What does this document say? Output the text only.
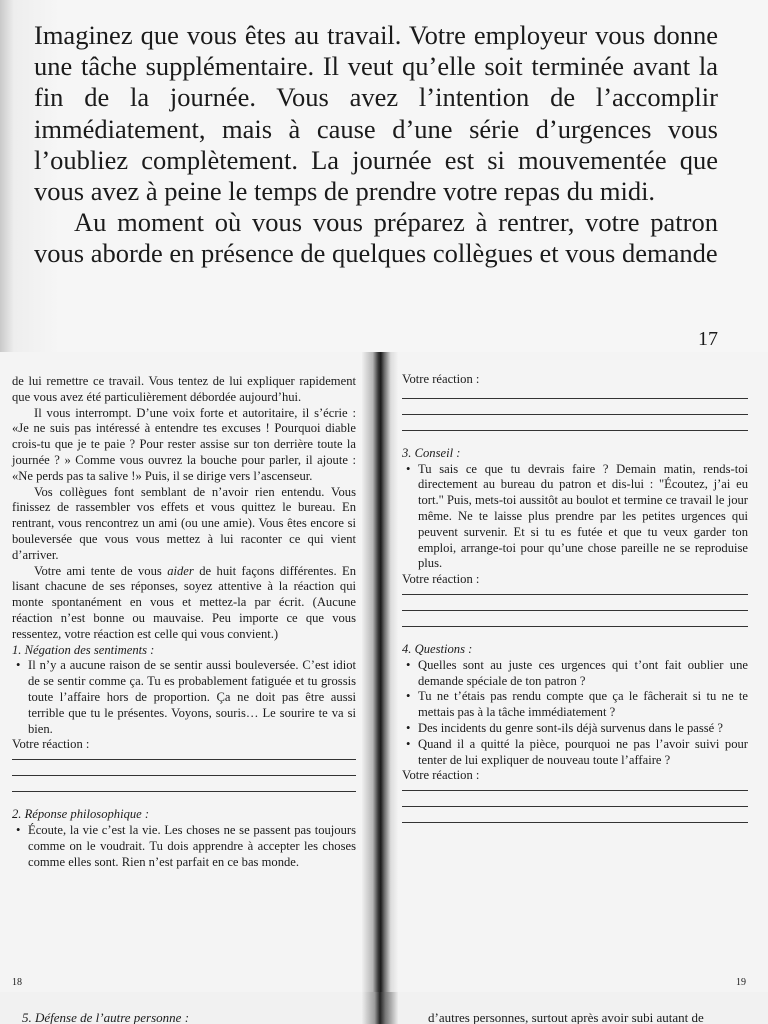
Imaginez que vous êtes au travail. Votre employeur vous donne une tâche supplémentaire. Il veut qu’elle soit terminée avant la fin de la journée. Vous avez l’intention de l’accomplir immédiatement, mais à cause d’une série d’urgences vous l’oubliez complètement. La journée est si mouvementée que vous avez à peine le temps de prendre votre repas du midi.

Au moment où vous vous préparez à rentrer, votre patron vous aborde en présence de quelques collègues et vous demande

17

de lui remettre ce travail. Vous tentez de lui expliquer rapidement que vous avez été particulièrement débordée aujourd’hui.

Il vous interrompt. D’une voix forte et autoritaire, il s’écrie : «Je ne suis pas intéressé à entendre tes excuses ! Pourquoi diable crois-tu que je te paie ? Pour rester assise sur ton derrière toute la journée ? » Comme vous ouvrez la bouche pour parler, il ajoute : «Ne perds pas ta salive !» Puis, il se dirige vers l’ascenseur.

Vos collègues font semblant de n’avoir rien entendu. Vous finissez de rassembler vos effets et vous quittez le bureau. En rentrant, vous rencontrez un ami (ou une amie). Vous êtes encore si bouleversée que vous vous mettez à lui raconter ce qui vient d’arriver.

Votre ami tente de vous aider de huit façons différentes. En lisant chacune de ses réponses, soyez attentive à la réaction qui monte spontanément en vous et mettez-la par écrit. (Aucune réaction n’est bonne ou mauvaise. Peu importe ce que vous ressentez, votre réaction est celle qui vous convient.)

1. Négation des sentiments :

• Il n’y a aucune raison de se sentir aussi bouleversée. C’est idiot de se sentir comme ça. Tu es probablement fatiguée et tu grossis toute l’affaire hors de proportion. Ça ne doit pas être aussi terrible que tu le présentes. Voyons, souris… Le sourire te va si bien.

Votre réaction :

2. Réponse philosophique :

• Écoute, la vie c’est la vie. Les choses ne se passent pas toujours comme on le voudrait. Tu dois apprendre à accepter les choses comme elles sont. Rien n’est parfait en ce bas monde.

Votre réaction :

3. Conseil :

• Tu sais ce que tu devrais faire ? Demain matin, rends-toi directement au bureau du patron et dis-lui : "Écoutez, j’ai eu tort." Puis, mets-toi aussitôt au boulot et termine ce travail le jour même. Ne te laisse plus prendre par les petites urgences qui peuvent survenir. Et si tu es futée et que tu veux garder ton emploi, arrange-toi pour qu’une chose pareille ne se reproduise plus.

Votre réaction :

4. Questions :

• Quelles sont au juste ces urgences qui t’ont fait oublier une demande spéciale de ton patron ?

• Tu ne t’étais pas rendu compte que ça le fâcherait si tu ne te mettais pas à la tâche immédiatement ?

• Des incidents du genre sont-ils déjà survenus dans le passé ?

• Quand il a quitté la pièce, pourquoi ne pas l’avoir suivi pour tenter de lui expliquer de nouveau toute l’affaire ?

Votre réaction :

18	19
5. Défense de l’autre personne :	d’autres personnes, surtout après avoir subi autant de
